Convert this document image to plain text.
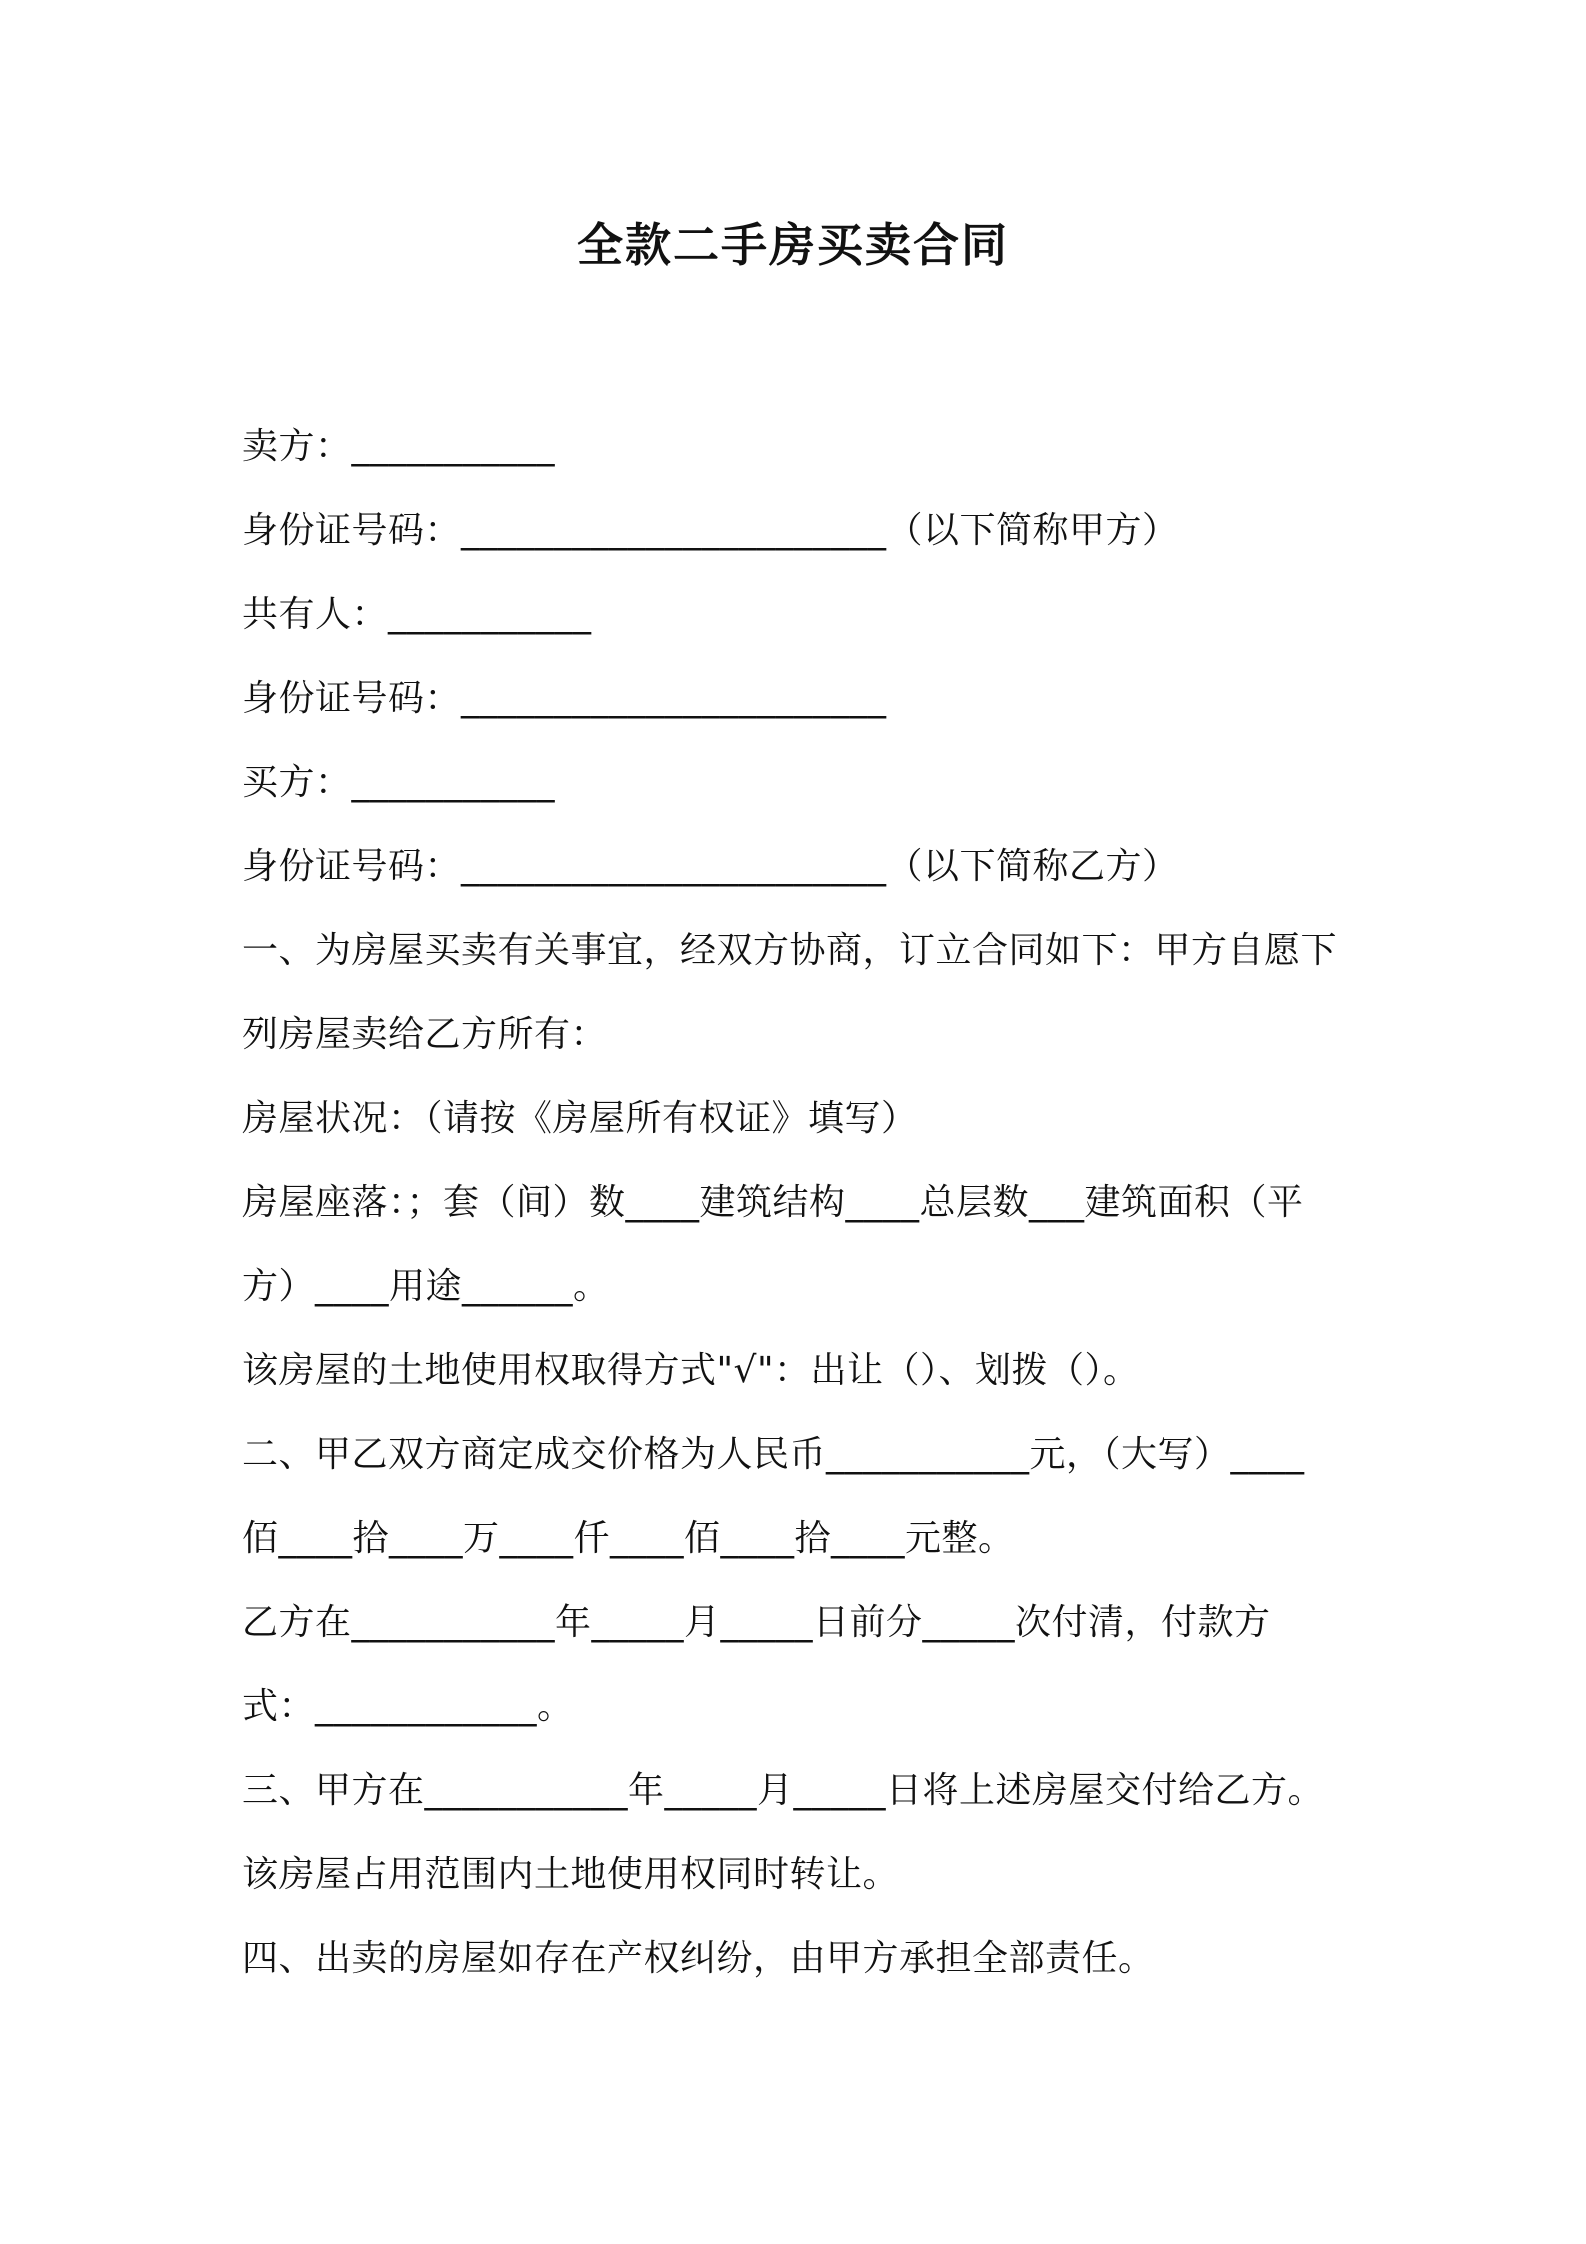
全款二手房买卖合同
卖方：___________
身份证号码：_______________________（以下简称甲方）
共有人：___________
身份证号码：_______________________
买方：___________
身份证号码：_______________________（以下简称乙方）
一、为房屋买卖有关事宜，经双方协商，订立合同如下：甲方自愿下
列房屋卖给乙方所有：
房屋状况：（请按《房屋所有权证》填写）
房屋座落：；套（间）数____建筑结构____总层数___建筑面积（平
方）____用途______。
该房屋的土地使用权取得方式"√"：出让（）、划拨（）。
二、甲乙双方商定成交价格为人民币___________元，（大写）____
佰____拾____万____仟____佰____拾____元整。
乙方在___________年_____月_____日前分_____次付清，付款方
式：____________。
三、甲方在___________年_____月_____日将上述房屋交付给乙方。
该房屋占用范围内土地使用权同时转让。
四、出卖的房屋如存在产权纠纷，由甲方承担全部责任。
